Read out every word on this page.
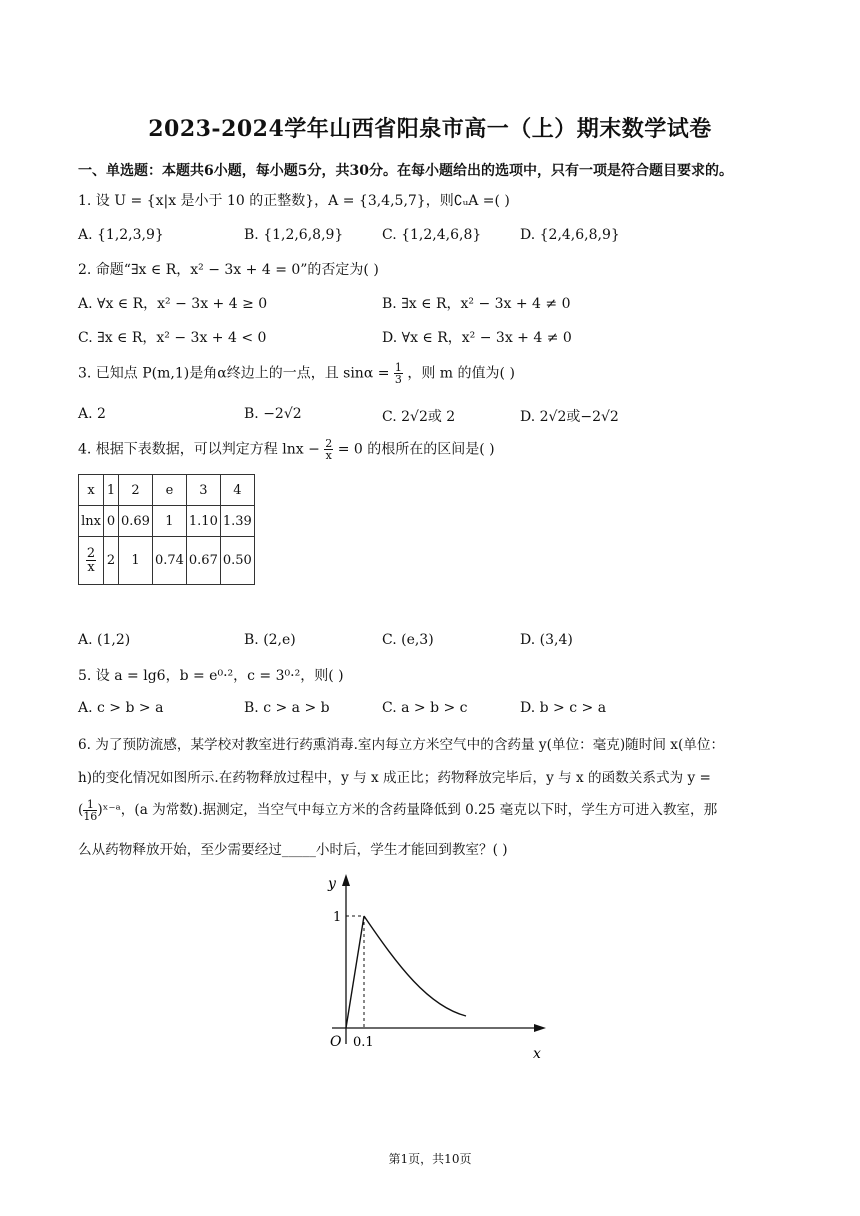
2023-2024学年山西省阳泉市高一（上）期末数学试卷
一、单选题：本题共6小题，每小题5分，共30分。在每小题给出的选项中，只有一项是符合题目要求的。
1. 设 U = {x|x 是小于 10 的正整数}，A = {3,4,5,7}，则∁ᵤA =( )
A. {1,2,3,9}	B. {1,2,6,8,9}	C. {1,2,4,6,8}	D. {2,4,6,8,9}
2. 命题“∃x ∈ R，x² − 3x + 4 = 0”的否定为( )
A. ∀x ∈ R，x² − 3x + 4 ≥ 0	B. ∃x ∈ R，x² − 3x + 4 ≠ 0
C. ∃x ∈ R，x² − 3x + 4 < 0	D. ∀x ∈ R，x² − 3x + 4 ≠ 0
3. 已知点 P(m,1)是角α终边上的一点，且 $\sin\alpha = \frac{1}{3}$ ，则 m 的值为( )
A. 2	B. −2√2	C. 2√2或 2	D. 2√2或−2√2
4. 根据下表数据，可以判定方程 $\ln x - \frac{2}{x} = 0$ 的根所在的区间是( )
x	1	2	e	3	4
lnx	0	0.69	1	1.10	1.39

$\frac{2}{x}$	2	1	0.74	0.67	0.50
A. (1,2)	B. (2,e)	C. (e,3)	D. (3,4)
5. 设 a = lg6，b = e⁰·²，c = 3⁰·²，则( )
A. c > b > a	B. c > a > b	C. a > b > c	D. b > c > a
6. 为了预防流感，某学校对教室进行药熏消毒.室内每立方米空气中的含药量 y(单位：毫克)随时间 x(单位：
h)的变化情况如图所示.在药物释放过程中，y 与 x 成正比；药物释放完毕后，y 与 x 的函数关系式为 y =
( $\frac{1}{16}$ )ˣ⁻ᵃ，(a 为常数).据测定，当空气中每立方米的含药量降低到 0.25 毫克以下时，学生方可进入教室，那
么从药物释放开始，至少需要经过_____小时后，学生才能回到教室？( )
y
x
O
1
0.1
第1页，共10页
